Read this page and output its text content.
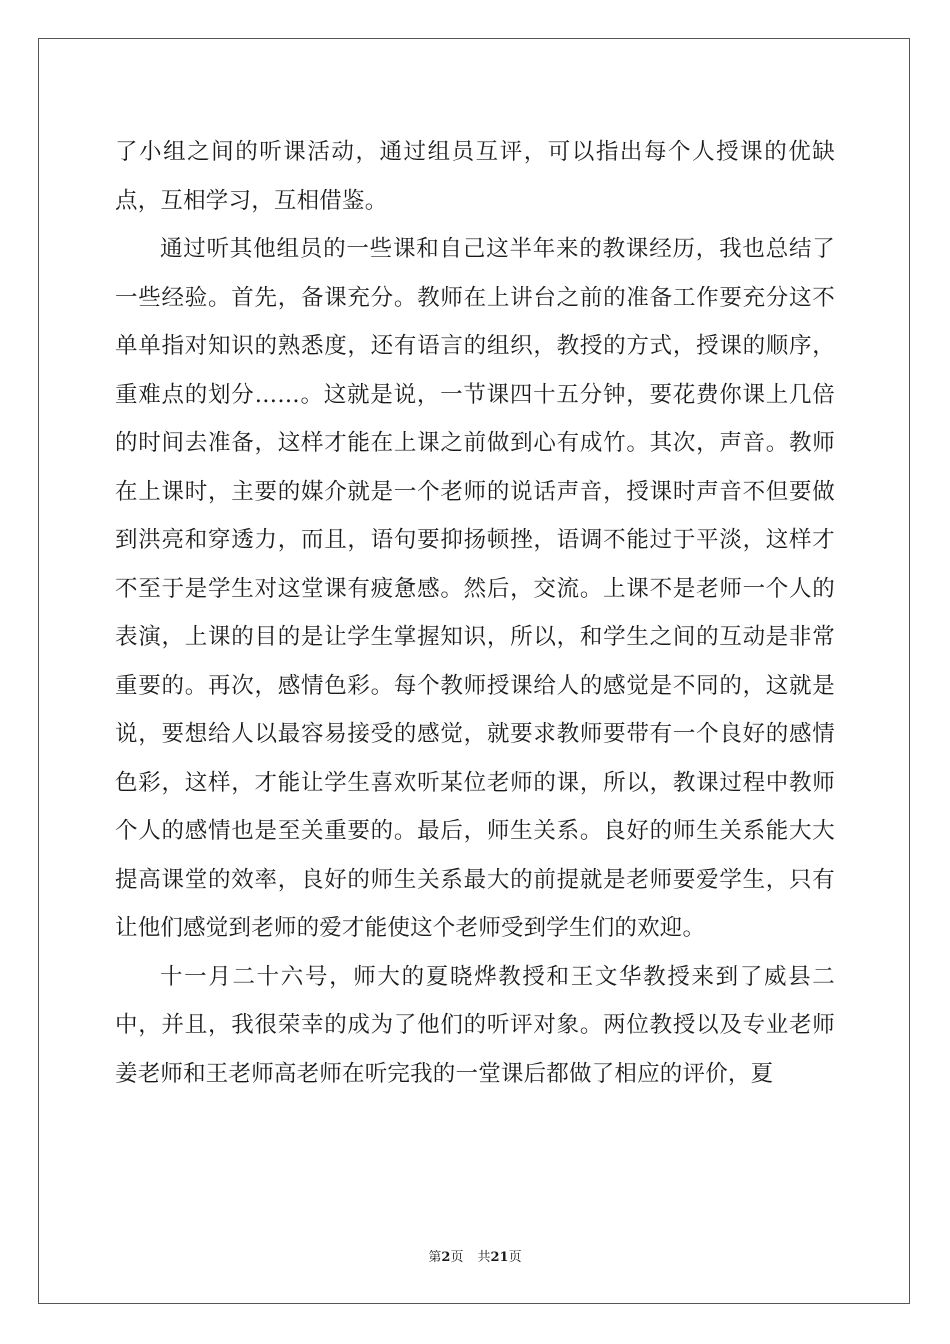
了小组之间的听课活动，通过组员互评，可以指出每个人授课的优缺点，互相学习，互相借鉴。

通过听其他组员的一些课和自己这半年来的教课经历，我也总结了一些经验。首先，备课充分。教师在上讲台之前的准备工作要充分这不单单指对知识的熟悉度，还有语言的组织，教授的方式，授课的顺序，重难点的划分……。这就是说，一节课四十五分钟，要花费你课上几倍的时间去准备，这样才能在上课之前做到心有成竹。其次，声音。教师在上课时，主要的媒介就是一个老师的说话声音，授课时声音不但要做到洪亮和穿透力，而且，语句要抑扬顿挫，语调不能过于平淡，这样才不至于是学生对这堂课有疲惫感。然后，交流。上课不是老师一个人的表演，上课的目的是让学生掌握知识，所以，和学生之间的互动是非常重要的。再次，感情色彩。每个教师授课给人的感觉是不同的，这就是说，要想给人以最容易接受的感觉，就要求教师要带有一个良好的感情色彩，这样，才能让学生喜欢听某位老师的课，所以，教课过程中教师个人的感情也是至关重要的。最后，师生关系。良好的师生关系能大大提高课堂的效率，良好的师生关系最大的前提就是老师要爱学生，只有让他们感觉到老师的爱才能使这个老师受到学生们的欢迎。

十一月二十六号，师大的夏晓烨教授和王文华教授来到了威县二中，并且，我很荣幸的成为了他们的听评对象。两位教授以及专业老师姜老师和王老师高老师在听完我的一堂课后都做了相应的评价，夏

第2页 共21页
